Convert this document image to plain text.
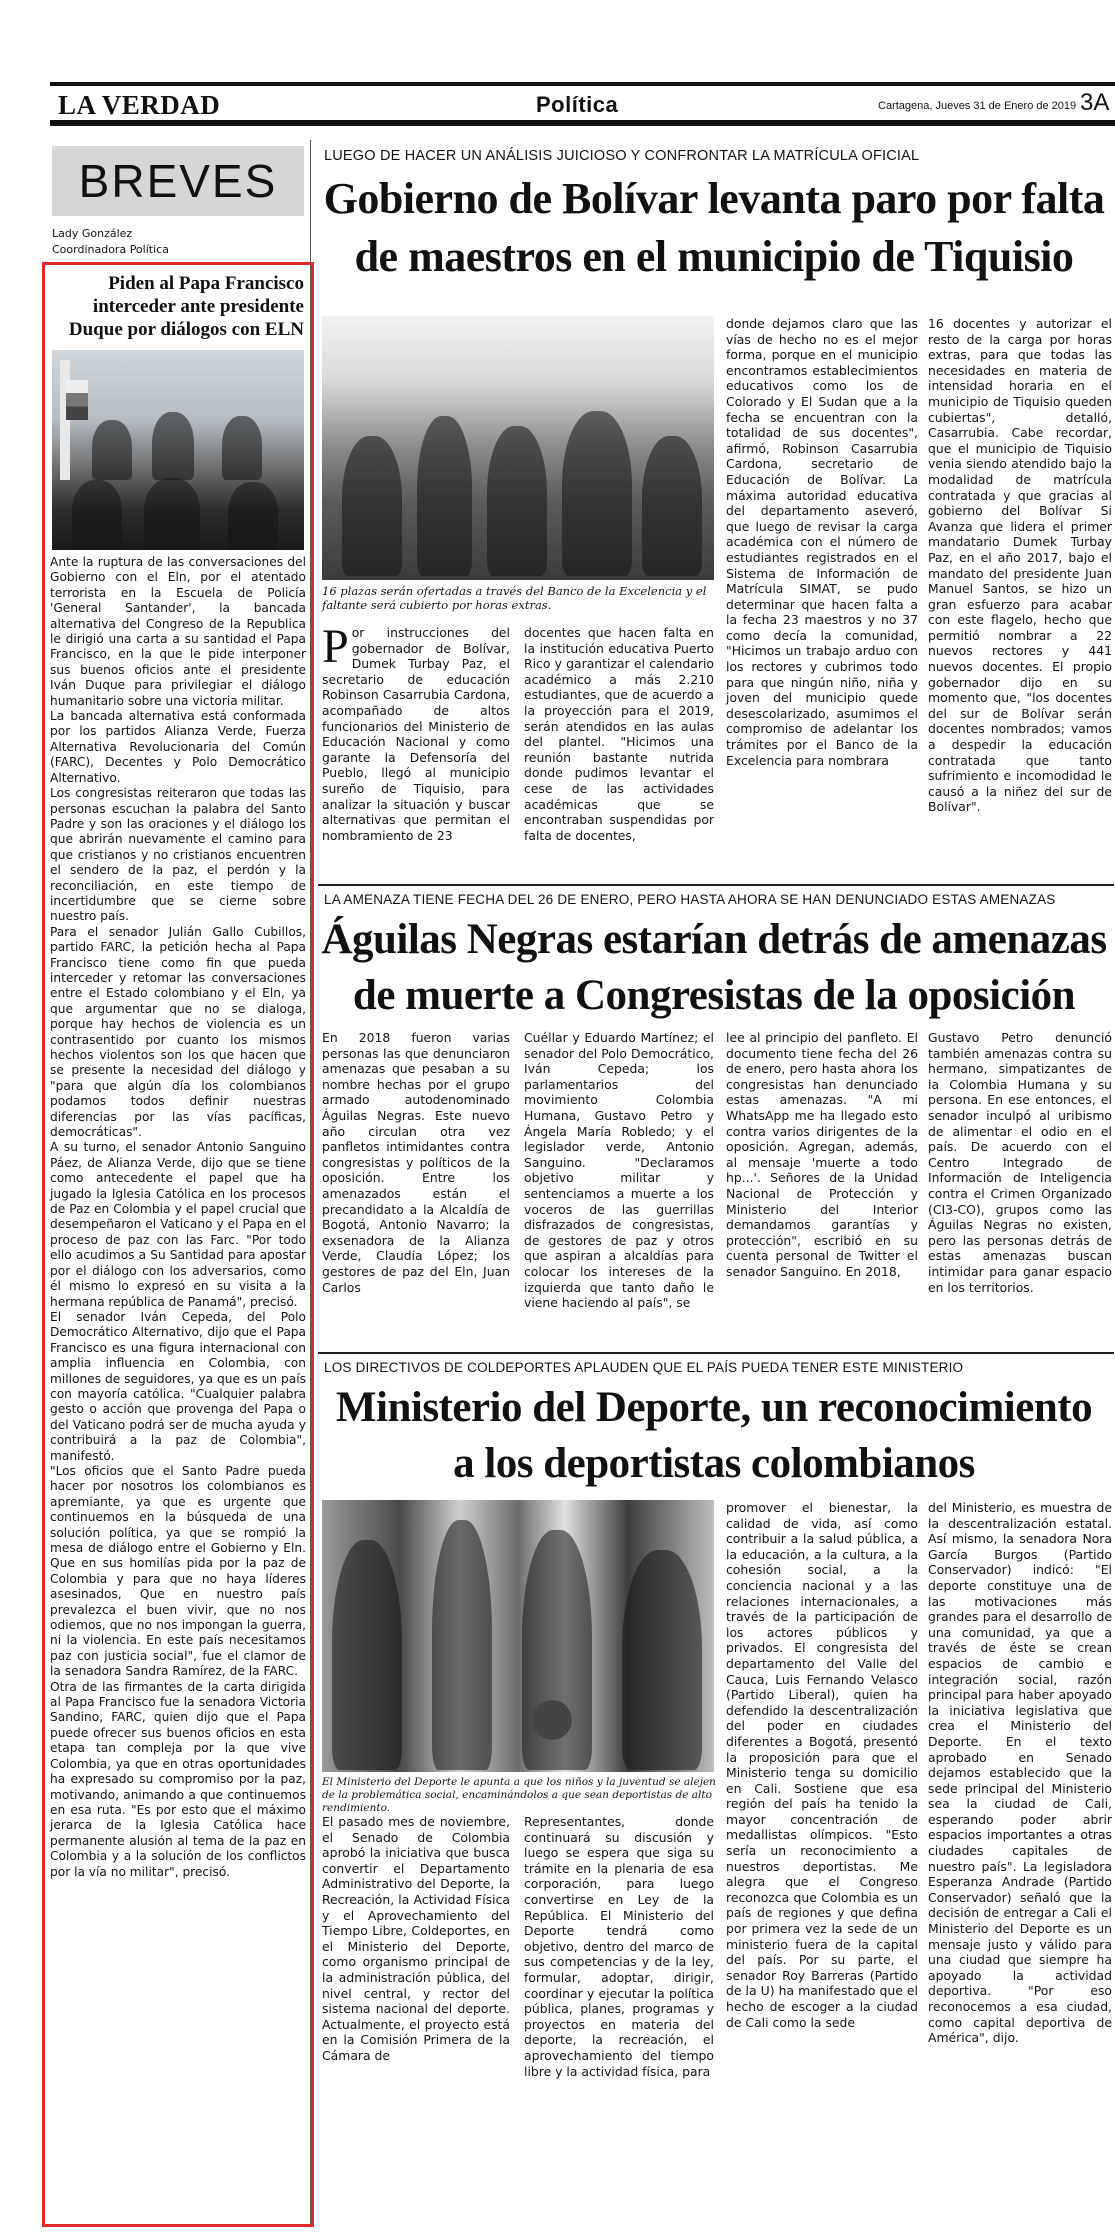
LA VERDAD	Política	Cartagena, Jueves 31 de Enero de 2019 3A
BREVES
Lady González
Coordinadora Política
Piden al Papa Francisco interceder ante presidente Duque por diálogos con ELN

Ante la ruptura de las conversaciones del Gobierno con el Eln, por el atentado terrorista en la Escuela de Policía 'General Santander', la bancada alternativa del Congreso de la Republica le dirigió una carta a su santidad el Papa Francisco, en la que le pide interponer sus buenos oficios ante el presidente Iván Duque para privilegiar el diálogo humanitario sobre una victoria militar.

La bancada alternativa está conformada por los partidos Alianza Verde, Fuerza Alternativa Revolucionaria del Común (FARC), Decentes y Polo Democrático Alternativo.

Los congresistas reiteraron que todas las personas escuchan la palabra del Santo Padre y son las oraciones y el diálogo los que abrirán nuevamente el camino para que cristianos y no cristianos encuentren el sendero de la paz, el perdón y la reconciliación, en este tiempo de incertidumbre que se cierne sobre nuestro país.

Para el senador Julián Gallo Cubillos, partido FARC, la petición hecha al Papa Francisco tiene como fin que pueda interceder y retomar las conversaciones entre el Estado colombiano y el Eln, ya que argumentar que no se dialoga, porque hay hechos de violencia es un contrasentido por cuanto los mismos hechos violentos son los que hacen que se presente la necesidad del diálogo y "para que algún día los colombianos podamos todos definir nuestras diferencias por las vías pacíficas, democráticas".

A su turno, el senador Antonio Sanguino Páez, de Alianza Verde, dijo que se tiene como antecedente el papel que ha jugado la Iglesia Católica en los procesos de Paz en Colombia y el papel crucial que desempeñaron el Vaticano y el Papa en el proceso de paz con las Farc. "Por todo ello acudimos a Su Santidad para apostar por el diálogo con los adversarios, como él mismo lo expresó en su visita a la hermana república de Panamá", precisó.

El senador Iván Cepeda, del Polo Democrático Alternativo, dijo que el Papa Francisco es una figura internacional con amplia influencia en Colombia, con millones de seguidores, ya que es un país con mayoría católica. "Cualquier palabra gesto o acción que provenga del Papa o del Vaticano podrá ser de mucha ayuda y contribuirá a la paz de Colombia", manifestó.

"Los oficios que el Santo Padre pueda hacer por nosotros los colombianos es apremiante, ya que es urgente que continuemos en la búsqueda de una solución política, ya que se rompió la mesa de diálogo entre el Gobierno y Eln. Que en sus homilías pida por la paz de Colombia y para que no haya líderes asesinados, Que en nuestro país prevalezca el buen vivir, que no nos odiemos, que no nos impongan la guerra, ni la violencia. En este país necesitamos paz con justicia social", fue el clamor de la senadora Sandra Ramírez, de la FARC.

Otra de las firmantes de la carta dirigida al Papa Francisco fue la senadora Victoria Sandino, FARC, quien dijo que el Papa puede ofrecer sus buenos oficios en esta etapa tan compleja por la que vive Colombia, ya que en otras oportunidades ha expresado su compromiso por la paz, motivando, animando a que continuemos en esa ruta. "Es por esto que el máximo jerarca de la Iglesia Católica hace permanente alusión al tema de la paz en Colombia y a la solución de los conflictos por la vía no militar", precisó.

LUEGO DE HACER UN ANÁLISIS JUICIOSO Y CONFRONTAR LA MATRÍCULA OFICIAL
Gobierno de Bolívar levanta paro por falta
de maestros en el municipio de Tiquisio
16 plazas serán ofertadas a través del Banco de la Excelencia y el faltante será cubierto por horas extras.
Por instrucciones del gobernador de Bolívar, Dumek Turbay Paz, el secretario de educación Robinson Casarrubia Cardona, acompañado de altos funcionarios del Ministerio de Educación Nacional y como garante la Defensoría del Pueblo, llegó al municipio sureño de Tiquisio, para analizar la situación y buscar alternativas que permitan el nombramiento de 23
docentes que hacen falta en la institución educativa Puerto Rico y garantizar el calendario académico a más 2.210 estudiantes, que de acuerdo a la proyección para el 2019, serán atendidos en las aulas del plantel. "Hicimos una reunión bastante nutrida donde pudimos levantar el cese de las actividades académicas que se encontraban suspendidas por falta de docentes,
donde dejamos claro que las vías de hecho no es el mejor forma, porque en el municipio encontramos establecimientos educativos como los de Colorado y El Sudan que a la fecha se encuentran con la totalidad de sus docentes", afirmó, Robinson Casarrubia Cardona, secretario de Educación de Bolívar. La máxima autoridad educativa del departamento aseveró, que luego de revisar la carga académica con el número de estudiantes registrados en el Sistema de Información de Matrícula SIMAT, se pudo determinar que hacen falta a la fecha 23 maestros y no 37 como decía la comunidad, "Hicimos un trabajo arduo con los rectores y cubrimos todo para que ningún niño, niña y joven del municipio quede desescolarizado, asumimos el compromiso de adelantar los trámites por el Banco de la Excelencia para nombrara
16 docentes y autorizar el resto de la carga por horas extras, para que todas las necesidades en materia de intensidad horaria en el municipio de Tiquisio queden cubiertas", detalló, Casarrubia. Cabe recordar, que el municipio de Tiquisio venia siendo atendido bajo la modalidad de matrícula contratada y que gracias al gobierno del Bolívar Si Avanza que lidera el primer mandatario Dumek Turbay Paz, en el año 2017, bajo el mandato del presidente Juan Manuel Santos, se hizo un gran esfuerzo para acabar con este flagelo, hecho que permitió nombrar a 22 nuevos rectores y 441 nuevos docentes. El propio gobernador dijo en su momento que, "los docentes del sur de Bolívar serán docentes nombrados; vamos a despedir la educación contratada que tanto sufrimiento e incomodidad le causó a la niñez del sur de Bolívar".
LA AMENAZA TIENE FECHA DEL 26 DE ENERO, PERO HASTA AHORA SE HAN DENUNCIADO ESTAS AMENAZAS
Águilas Negras estarían detrás de amenazas
de muerte a Congresistas de la oposición
En 2018 fueron varias personas las que denunciaron amenazas que pesaban a su nombre hechas por el grupo armado autodenominado Águilas Negras. Este nuevo año circulan otra vez panfletos intimidantes contra congresistas y políticos de la oposición. Entre los amenazados están el precandidato a la Alcaldía de Bogotá, Antonio Navarro; la exsenadora de la Alianza Verde, Claudia López; los gestores de paz del Eln, Juan Carlos
Cuéllar y Eduardo Martínez; el senador del Polo Democrático, Iván Cepeda; los parlamentarios del movimiento Colombia Humana, Gustavo Petro y Ángela María Robledo; y el legislador verde, Antonio Sanguino. "Declaramos objetivo militar y sentenciamos a muerte a los voceros de las guerrillas disfrazados de congresistas, de gestores de paz y otros que aspiran a alcaldías para colocar los intereses de la izquierda que tanto daño le viene haciendo al país", se
lee al principio del panfleto. El documento tiene fecha del 26 de enero, pero hasta ahora los congresistas han denunciado estas amenazas. "A mi WhatsApp me ha llegado esto contra varios dirigentes de la oposición. Agregan, además, al mensaje 'muerte a todo hp...'. Señores de la Unidad Nacional de Protección y Ministerio del Interior demandamos garantías y protección", escribió en su cuenta personal de Twitter el senador Sanguino. En 2018,
Gustavo Petro denunció también amenazas contra su hermano, simpatizantes de la Colombia Humana y su persona. En ese entonces, el senador inculpó al uribismo de alimentar el odio en el país. De acuerdo con el Centro Integrado de Información de Inteligencia contra el Crimen Organizado (CI3-CO), grupos como las Águilas Negras no existen, pero las personas detrás de estas amenazas buscan intimidar para ganar espacio en los territorios.
LOS DIRECTIVOS DE COLDEPORTES APLAUDEN QUE EL PAÍS PUEDA TENER ESTE MINISTERIO
Ministerio del Deporte, un reconocimiento
a los deportistas colombianos
El Ministerio del Deporte le apunta a que los niños y la juventud se alejen de la problemática social, encaminándolos a que sean deportistas de alto rendimiento.
El pasado mes de noviembre, el Senado de Colombia aprobó la iniciativa que busca convertir el Departamento Administrativo del Deporte, la Recreación, la Actividad Física y el Aprovechamiento del Tiempo Libre, Coldeportes, en el Ministerio del Deporte, como organismo principal de la administración pública, del nivel central, y rector del sistema nacional del deporte. Actualmente, el proyecto está en la Comisión Primera de la Cámara de
Representantes, donde continuará su discusión y luego se espera que siga su trámite en la plenaria de esa corporación, para luego convertirse en Ley de la República. El Ministerio del Deporte tendrá como objetivo, dentro del marco de sus competencias y de la ley, formular, adoptar, dirigir, coordinar y ejecutar la política pública, planes, programas y proyectos en materia del deporte, la recreación, el aprovechamiento del tiempo libre y la actividad física, para
promover el bienestar, la calidad de vida, así como contribuir a la salud pública, a la educación, a la cultura, a la cohesión social, a la conciencia nacional y a las relaciones internacionales, a través de la participación de los actores públicos y privados. El congresista del departamento del Valle del Cauca, Luis Fernando Velasco (Partido Liberal), quien ha defendido la descentralización del poder en ciudades diferentes a Bogotá, presentó la proposición para que el Ministerio tenga su domicilio en Cali. Sostiene que esa región del país ha tenido la mayor concentración de medallistas olímpicos. "Esto sería un reconocimiento a nuestros deportistas. Me alegra que el Congreso reconozca que Colombia es un país de regiones y que defina por primera vez la sede de un ministerio fuera de la capital del país. Por su parte, el senador Roy Barreras (Partido de la U) ha manifestado que el hecho de escoger a la ciudad de Cali como la sede
del Ministerio, es muestra de la descentralización estatal. Así mismo, la senadora Nora García Burgos (Partido Conservador) indicó: "El deporte constituye una de las motivaciones más grandes para el desarrollo de una comunidad, ya que a través de éste se crean espacios de cambio e integración social, razón principal para haber apoyado la iniciativa legislativa que crea el Ministerio del Deporte. En el texto aprobado en Senado dejamos establecido que la sede principal del Ministerio sea la ciudad de Cali, esperando poder abrir espacios importantes a otras ciudades capitales de nuestro país". La legisladora Esperanza Andrade (Partido Conservador) señaló que la decisión de entregar a Cali el Ministerio del Deporte es un mensaje justo y válido para una ciudad que siempre ha apoyado la actividad deportiva. "Por eso reconocemos a esa ciudad, como capital deportiva de América", dijo.
